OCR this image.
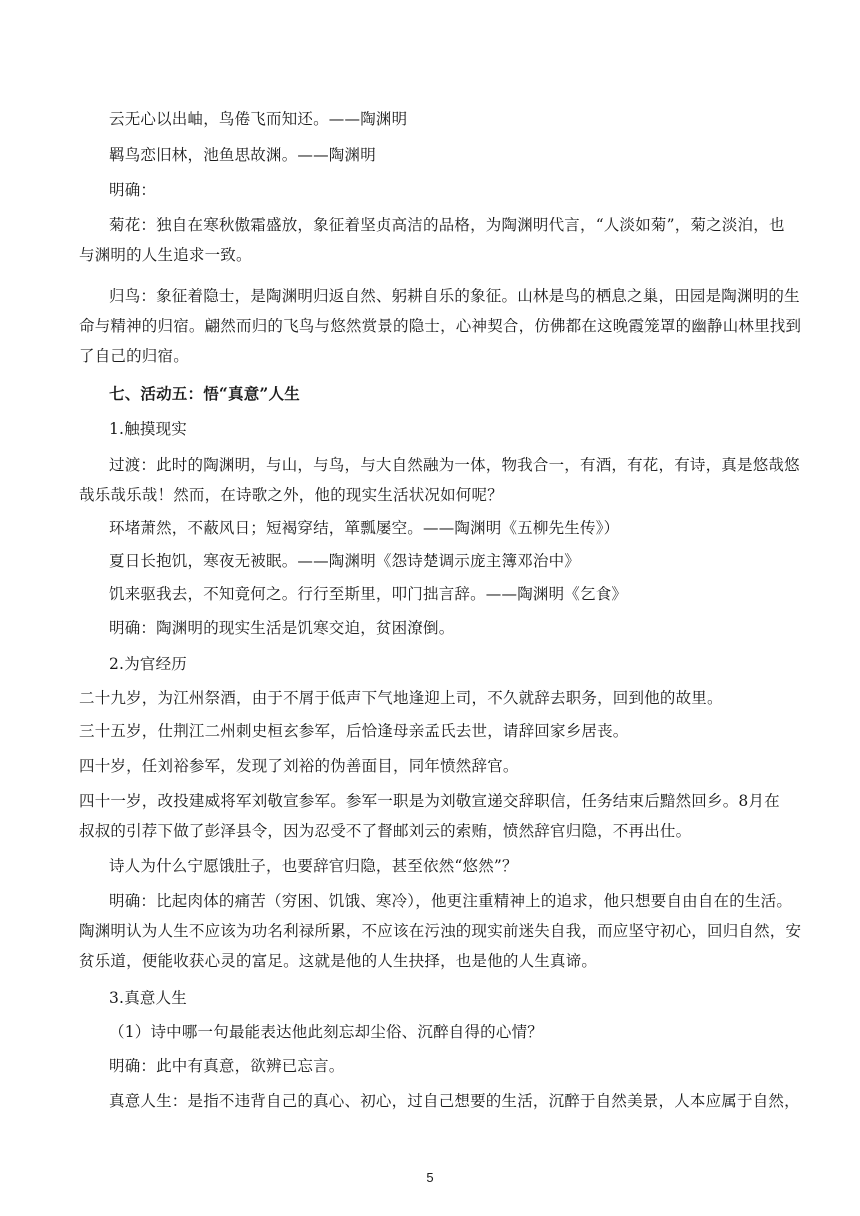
云无心以出岫，鸟倦飞而知还。——陶渊明
羁鸟恋旧林，池鱼思故渊。——陶渊明
明确：
菊花：独自在寒秋傲霜盛放，象征着坚贞高洁的品格，为陶渊明代言，“人淡如菊”，菊之淡泊，也
与渊明的人生追求一致。
归鸟：象征着隐士，是陶渊明归返自然、躬耕自乐的象征。山林是鸟的栖息之巢，田园是陶渊明的生
命与精神的归宿。翩然而归的飞鸟与悠然赏景的隐士，心神契合，仿佛都在这晚霞笼罩的幽静山林里找到
了自己的归宿。
七、活动五：悟“真意”人生
1.触摸现实
过渡：此时的陶渊明，与山，与鸟，与大自然融为一体，物我合一，有酒，有花，有诗，真是悠哉悠
哉乐哉乐哉！然而，在诗歌之外，他的现实生活状况如何呢？
环堵萧然，不蔽风日；短褐穿结，箪瓢屡空。——陶渊明《五柳先生传》）
夏日长抱饥，寒夜无被眠。——陶渊明《怨诗楚调示庞主簿邓治中》
饥来驱我去，不知竟何之。行行至斯里，叩门拙言辞。——陶渊明《乞食》
明确：陶渊明的现实生活是饥寒交迫，贫困潦倒。
2.为官经历
二十九岁，为江州祭酒，由于不屑于低声下气地逢迎上司，不久就辞去职务，回到他的故里。
三十五岁，仕荆江二州刺史桓玄参军，后恰逢母亲孟氏去世，请辞回家乡居丧。
四十岁，任刘裕参军，发现了刘裕的伪善面目，同年愤然辞官。
四十一岁，改投建威将军刘敬宣参军。参军一职是为刘敬宣递交辞职信，任务结束后黯然回乡。8月在
叔叔的引荐下做了彭泽县令，因为忍受不了督邮刘云的索贿，愤然辞官归隐，不再出仕。
诗人为什么宁愿饿肚子，也要辞官归隐，甚至依然“悠然”？
明确：比起肉体的痛苦（穷困、饥饿、寒冷），他更注重精神上的追求，他只想要自由自在的生活。
陶渊明认为人生不应该为功名利禄所累，不应该在污浊的现实前迷失自我，而应坚守初心，回归自然，安
贫乐道，便能收获心灵的富足。这就是他的人生抉择，也是他的人生真谛。
3.真意人生
（1）诗中哪一句最能表达他此刻忘却尘俗、沉醉自得的心情？
明确：此中有真意，欲辨已忘言。
真意人生：是指不违背自己的真心、初心，过自己想要的生活，沉醉于自然美景，人本应属于自然，
5
